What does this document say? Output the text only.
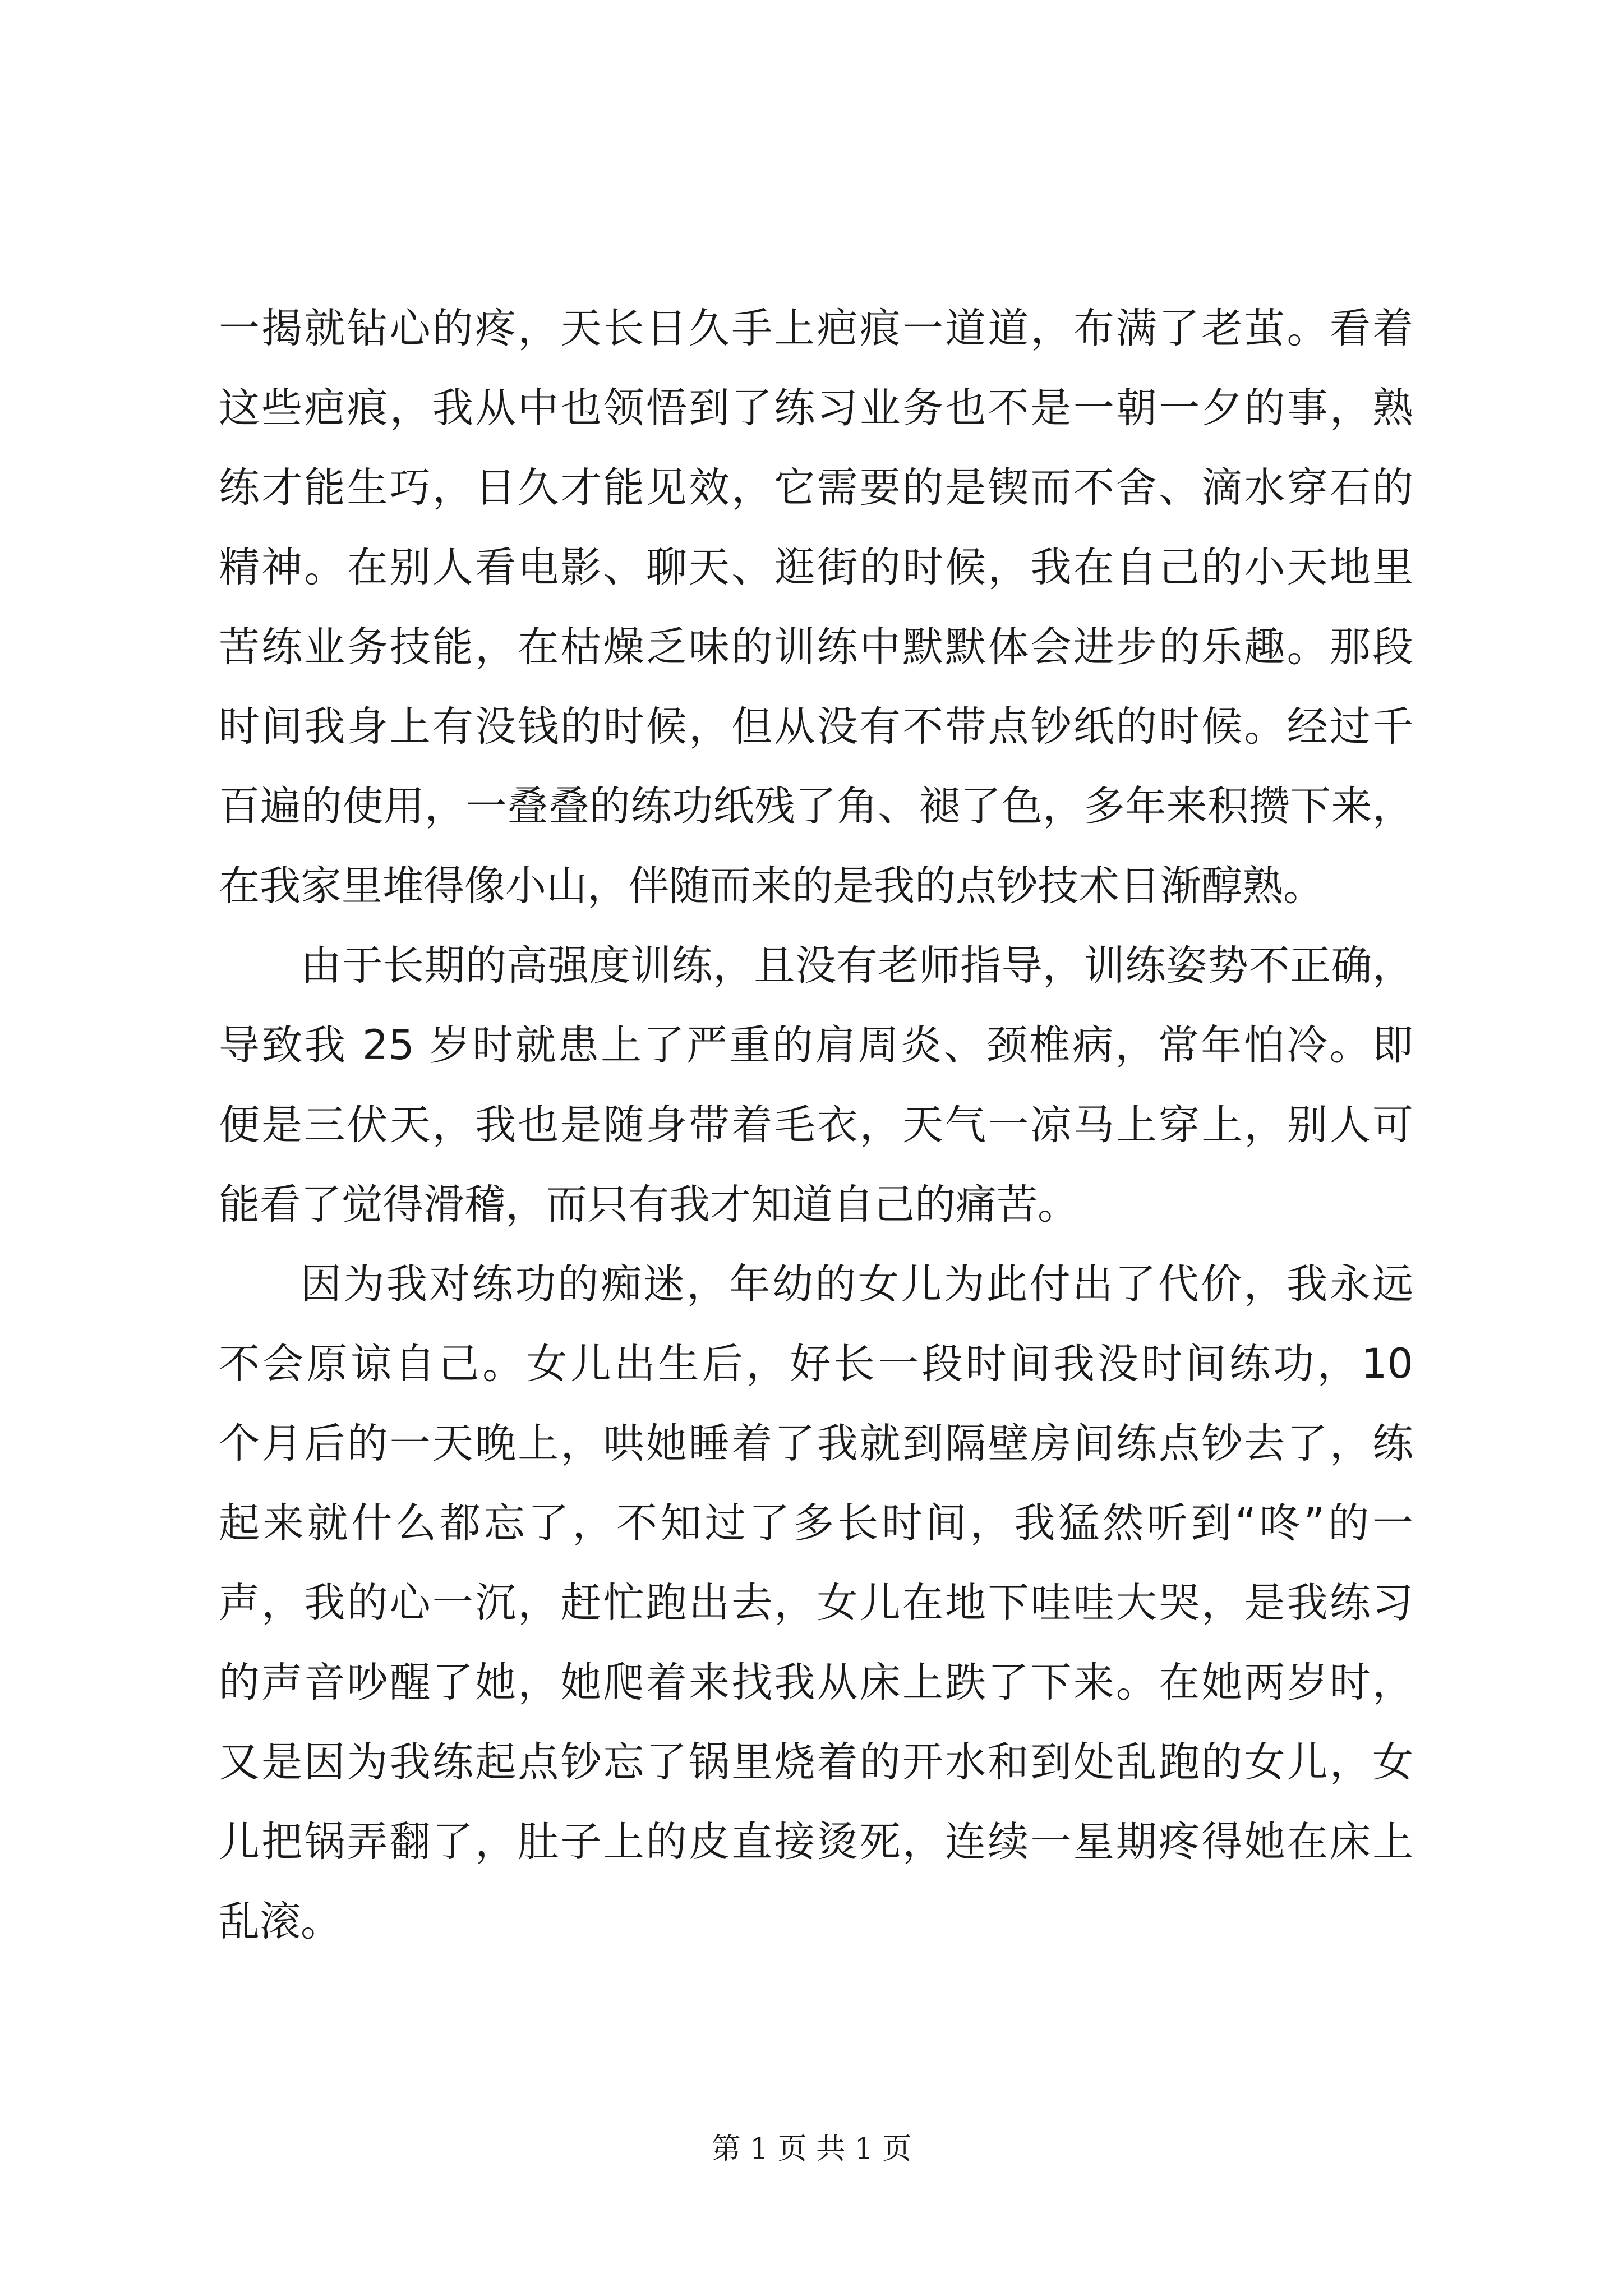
一揭就钻心的疼，天长日久手上疤痕一道道，布满了老茧。看着
这些疤痕，我从中也领悟到了练习业务也不是一朝一夕的事，熟
练才能生巧，日久才能见效，它需要的是锲而不舍、滴水穿石的
精神。在别人看电影、聊天、逛街的时候，我在自己的小天地里
苦练业务技能，在枯燥乏味的训练中默默体会进步的乐趣。那段
时间我身上有没钱的时候，但从没有不带点钞纸的时候。经过千
百遍的使用，一叠叠的练功纸残了角、褪了色，多年来积攒下来，
在我家里堆得像小山，伴随而来的是我的点钞技术日渐醇熟。
由于长期的高强度训练，且没有老师指导，训练姿势不正确，
导致我 25 岁时就患上了严重的肩周炎、颈椎病，常年怕冷。即
便是三伏天，我也是随身带着毛衣，天气一凉马上穿上，别人可
能看了觉得滑稽，而只有我才知道自己的痛苦。
因为我对练功的痴迷，年幼的女儿为此付出了代价，我永远
不会原谅自己。女儿出生后，好长一段时间我没时间练功，10
个月后的一天晚上，哄她睡着了我就到隔壁房间练点钞去了，练
起来就什么都忘了，不知过了多长时间，我猛然听到“咚”的一
声，我的心一沉，赶忙跑出去，女儿在地下哇哇大哭，是我练习
的声音吵醒了她，她爬着来找我从床上跌了下来。在她两岁时，
又是因为我练起点钞忘了锅里烧着的开水和到处乱跑的女儿，女
儿把锅弄翻了，肚子上的皮直接烫死，连续一星期疼得她在床上
乱滚。
第 1 页 共 1 页
